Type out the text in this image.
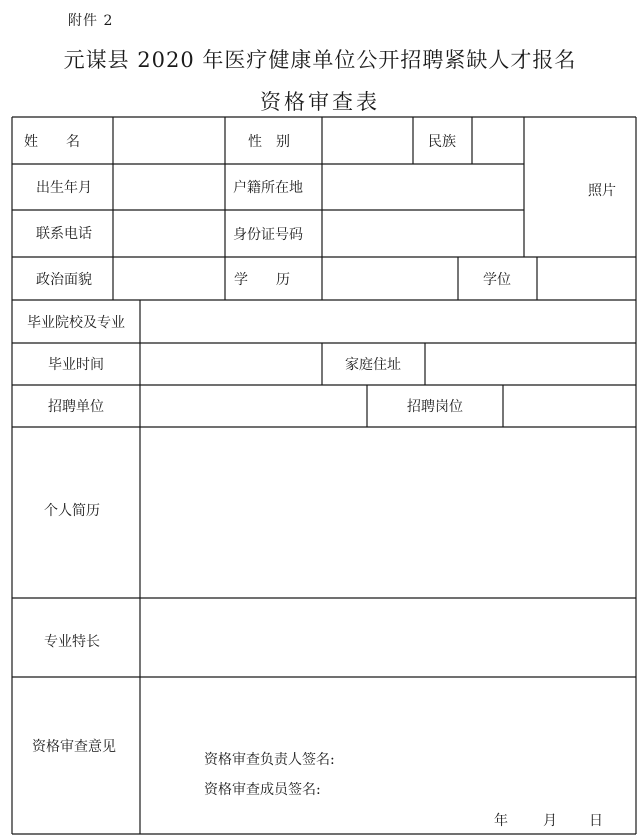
附件 2
元谋县 2020 年医疗健康单位公开招聘紧缺人才报名
资格审查表
姓名	性别	民族
照片
出生年月	户籍所在地
联系电话	身份证号码
政治面貌	学历	学位
毕业院校及专业
毕业时间	家庭住址
招聘单位	招聘岗位
个人简历
专业特长
资格审查意见
资格审查负责人签名:
资格审查成员签名:
年	月 日
